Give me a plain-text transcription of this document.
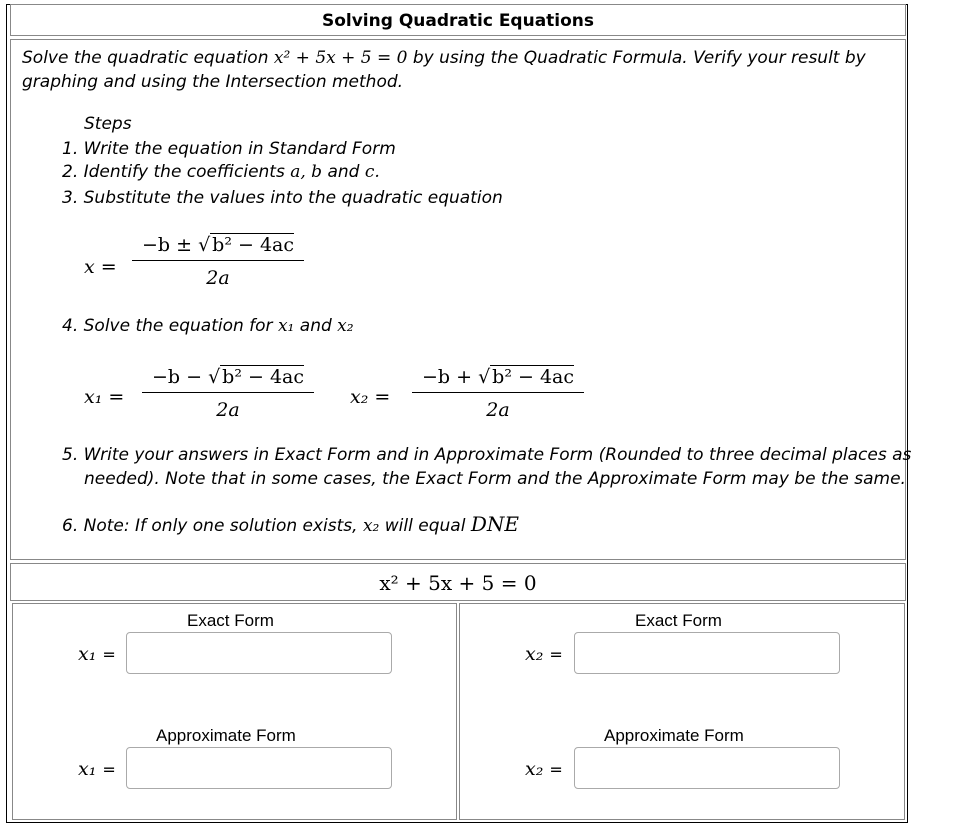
Solving Quadratic Equations
Solve the quadratic equation x² + 5x + 5 = 0 by using the Quadratic Formula. Verify your result by graphing and using the Intersection method.
Steps
1. Write the equation in Standard Form
2. Identify the coefficients a, b and c.
3. Substitute the values into the quadratic equation
$x = \frac{\text{−b ± √ b² − 4ac}}{2a}$
4. Solve the equation for x₁ and x₂
$x_1 = \frac{\text{−b − √ b² − 4ac}}{2a} x_2 = \frac{\text{−b + √ b² − 4ac}}{2a}$
5. Write your answers in Exact Form and in Approximate Form (Rounded to three decimal places as needed). Note that in some cases, the Exact Form and the Approximate Form may be the same.
6. Note: If only one solution exists, x₂ will equal DNE
x² + 5x + 5 = 0
Exact Form
x₁ =
Approximate Form
x₁ =
Exact Form
x₂ =
Approximate Form
x₂ =
